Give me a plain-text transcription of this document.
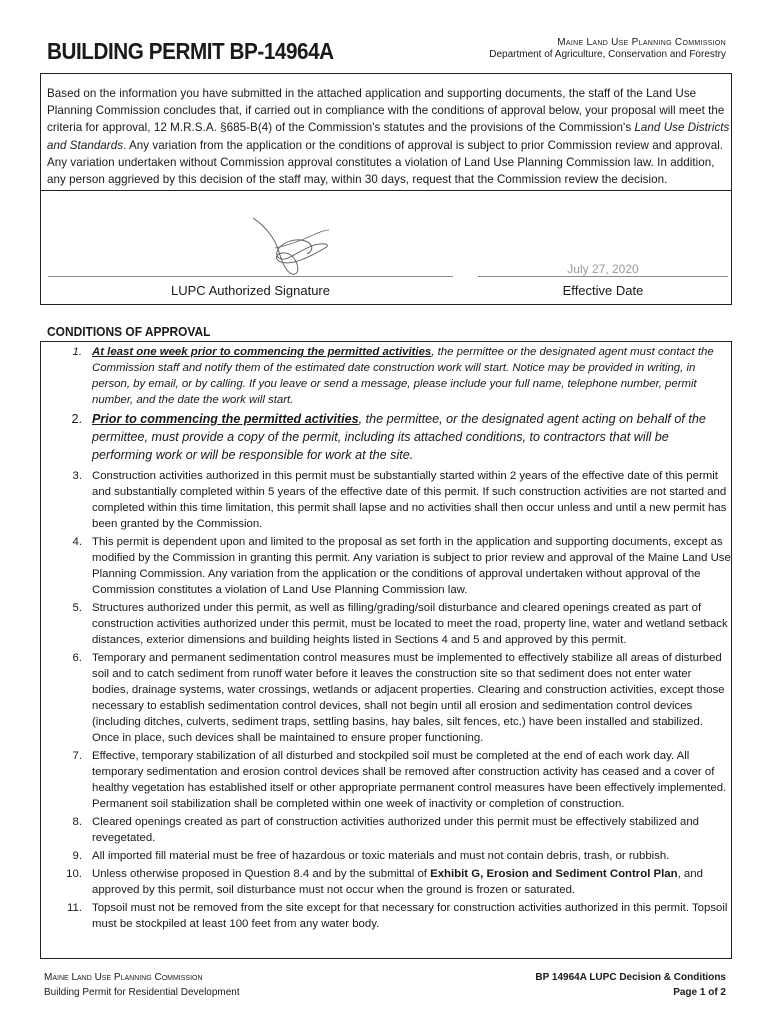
BUILDING PERMIT BP-14964A	Maine Land Use Planning Commission
Department of Agriculture, Conservation and Forestry

Based on the information you have submitted in the attached application and supporting documents, the staff of the Land Use Planning Commission concludes that, if carried out in compliance with the conditions of approval below, your proposal will meet the criteria for approval, 12 M.R.S.A. §685-B(4) of the Commission's statutes and the provisions of the Commission's Land Use Districts and Standards. Any variation from the application or the conditions of approval is subject to prior Commission review and approval. Any variation undertaken without Commission approval constitutes a violation of Land Use Planning Commission law. In addition, any person aggrieved by this decision of the staff may, within 30 days, request that the Commission review the decision.

July 27, 2020
LUPC Authorized Signature	Effective Date
CONDITIONS OF APPROVAL
1. At least one week prior to commencing the permitted activities, the permittee or the designated agent must contact the Commission staff and notify them of the estimated date construction work will start. Notice may be provided in writing, in person, by email, or by calling. If you leave or send a message, please include your full name, telephone number, permit number, and the date the work will start.
2. Prior to commencing the permitted activities, the permittee, or the designated agent acting on behalf of the permittee, must provide a copy of the permit, including its attached conditions, to contractors that will be performing work or will be responsible for work at the site.
3. Construction activities authorized in this permit must be substantially started within 2 years of the effective date of this permit and substantially completed within 5 years of the effective date of this permit. If such construction activities are not started and completed within this time limitation, this permit shall lapse and no activities shall then occur unless and until a new permit has been granted by the Commission.
4. This permit is dependent upon and limited to the proposal as set forth in the application and supporting documents, except as modified by the Commission in granting this permit. Any variation is subject to prior review and approval of the Maine Land Use Planning Commission. Any variation from the application or the conditions of approval undertaken without approval of the Commission constitutes a violation of Land Use Planning Commission law.
5. Structures authorized under this permit, as well as filling/grading/soil disturbance and cleared openings created as part of construction activities authorized under this permit, must be located to meet the road, property line, water and wetland setback distances, exterior dimensions and building heights listed in Sections 4 and 5 and approved by this permit.
6. Temporary and permanent sedimentation control measures must be implemented to effectively stabilize all areas of disturbed soil and to catch sediment from runoff water before it leaves the construction site so that sediment does not enter water bodies, drainage systems, water crossings, wetlands or adjacent properties. Clearing and construction activities, except those necessary to establish sedimentation control devices, shall not begin until all erosion and sedimentation control devices (including ditches, culverts, sediment traps, settling basins, hay bales, silt fences, etc.) have been installed and stabilized. Once in place, such devices shall be maintained to ensure proper functioning.
7. Effective, temporary stabilization of all disturbed and stockpiled soil must be completed at the end of each work day. All temporary sedimentation and erosion control devices shall be removed after construction activity has ceased and a cover of healthy vegetation has established itself or other appropriate permanent control measures have been effectively implemented. Permanent soil stabilization shall be completed within one week of inactivity or completion of construction.
8. Cleared openings created as part of construction activities authorized under this permit must be effectively stabilized and revegetated.
9. All imported fill material must be free of hazardous or toxic materials and must not contain debris, trash, or rubbish.
10. Unless otherwise proposed in Question 8.4 and by the submittal of Exhibit G, Erosion and Sediment Control Plan, and approved by this permit, soil disturbance must not occur when the ground is frozen or saturated.
11. Topsoil must not be removed from the site except for that necessary for construction activities authorized in this permit. Topsoil must be stockpiled at least 100 feet from any water body.
Maine Land Use Planning Commission
Building Permit for Residential Development
BP 14964A LUPC Decision & Conditions
Page 1 of 2
